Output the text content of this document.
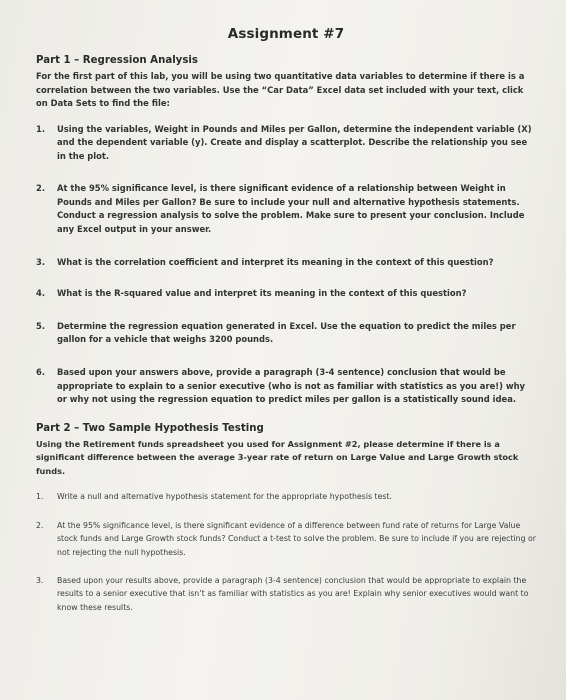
Assignment #7
Part 1 – Regression Analysis
For the first part of this lab, you will be using two quantitative data variables to determine if there is a correlation between the two variables. Use the “Car Data” Excel data set included with your text, click on Data Sets to find the file:
1.	Using the variables, Weight in Pounds and Miles per Gallon, determine the independent variable (X) and the dependent variable (y). Create and display a scatterplot. Describe the relationship you see in the plot.
2.	At the 95% significance level, is there significant evidence of a relationship between Weight in Pounds and Miles per Gallon? Be sure to include your null and alternative hypothesis statements. Conduct a regression analysis to solve the problem. Make sure to present your conclusion. Include any Excel output in your answer.
3.	What is the correlation coefficient and interpret its meaning in the context of this question?
4.	What is the R-squared value and interpret its meaning in the context of this question?
5.	Determine the regression equation generated in Excel. Use the equation to predict the miles per gallon for a vehicle that weighs 3200 pounds.
6.	Based upon your answers above, provide a paragraph (3-4 sentence) conclusion that would be appropriate to explain to a senior executive (who is not as familiar with statistics as you are!) why or why not using the regression equation to predict miles per gallon is a statistically sound idea.
Part 2 – Two Sample Hypothesis Testing
Using the Retirement funds spreadsheet you used for Assignment #2, please determine if there is a significant difference between the average 3-year rate of return on Large Value and Large Growth stock funds.
1.	Write a null and alternative hypothesis statement for the appropriate hypothesis test.
2.	At the 95% significance level, is there significant evidence of a difference between fund rate of returns for Large Value stock funds and Large Growth stock funds? Conduct a t-test to solve the problem. Be sure to include if you are rejecting or not rejecting the null hypothesis.
3.	Based upon your results above, provide a paragraph (3-4 sentence) conclusion that would be appropriate to explain the results to a senior executive that isn’t as familiar with statistics as you are! Explain why senior executives would want to know these results.
